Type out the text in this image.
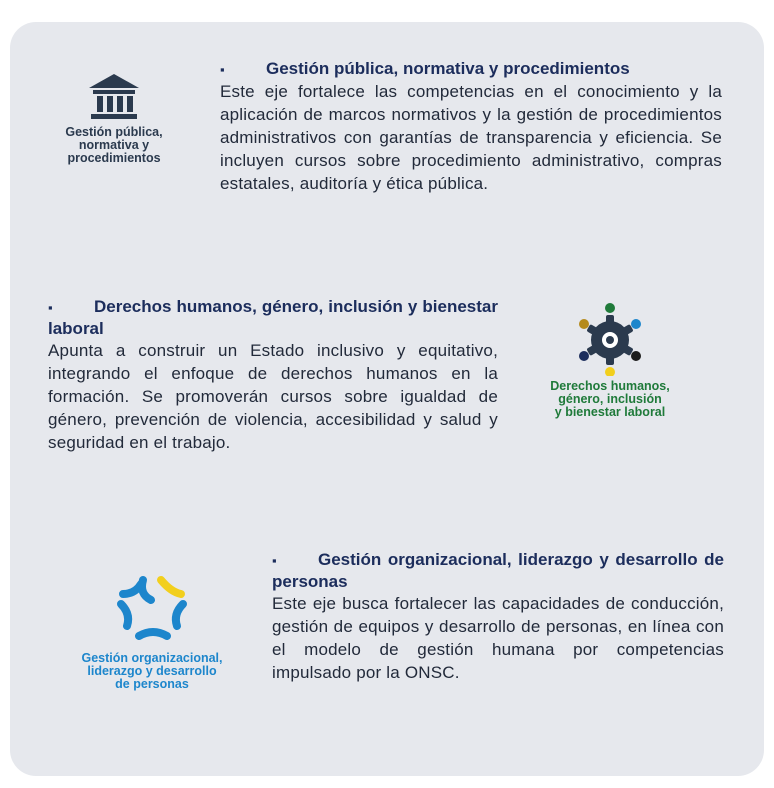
Gestión pública,
normativa y
procedimientos
▪ Gestión pública, normativa y procedimientos
Este eje fortalece las competencias en el conocimiento y la aplicación de marcos normativos y la gestión de procedimientos administrativos con garantías de transparencia y eficiencia. Se incluyen cursos sobre procedimiento administrativo, compras estatales, auditoría y ética pública.
▪ Derechos humanos, género, inclusión y bienestar laboral
Apunta a construir un Estado inclusivo y equitativo, integrando el enfoque de derechos humanos en la formación. Se promoverán cursos sobre igualdad de género, prevención de violencia, accesibilidad y salud y seguridad en el trabajo.
Derechos humanos,
género, inclusión
y bienestar laboral
Gestión organizacional,
liderazgo y desarrollo
de personas
▪ Gestión organizacional, liderazgo y desarrollo de personas
Este eje busca fortalecer las capacidades de conducción, gestión de equipos y desarrollo de personas, en línea con el modelo de gestión humana por competencias impulsado por la ONSC.
